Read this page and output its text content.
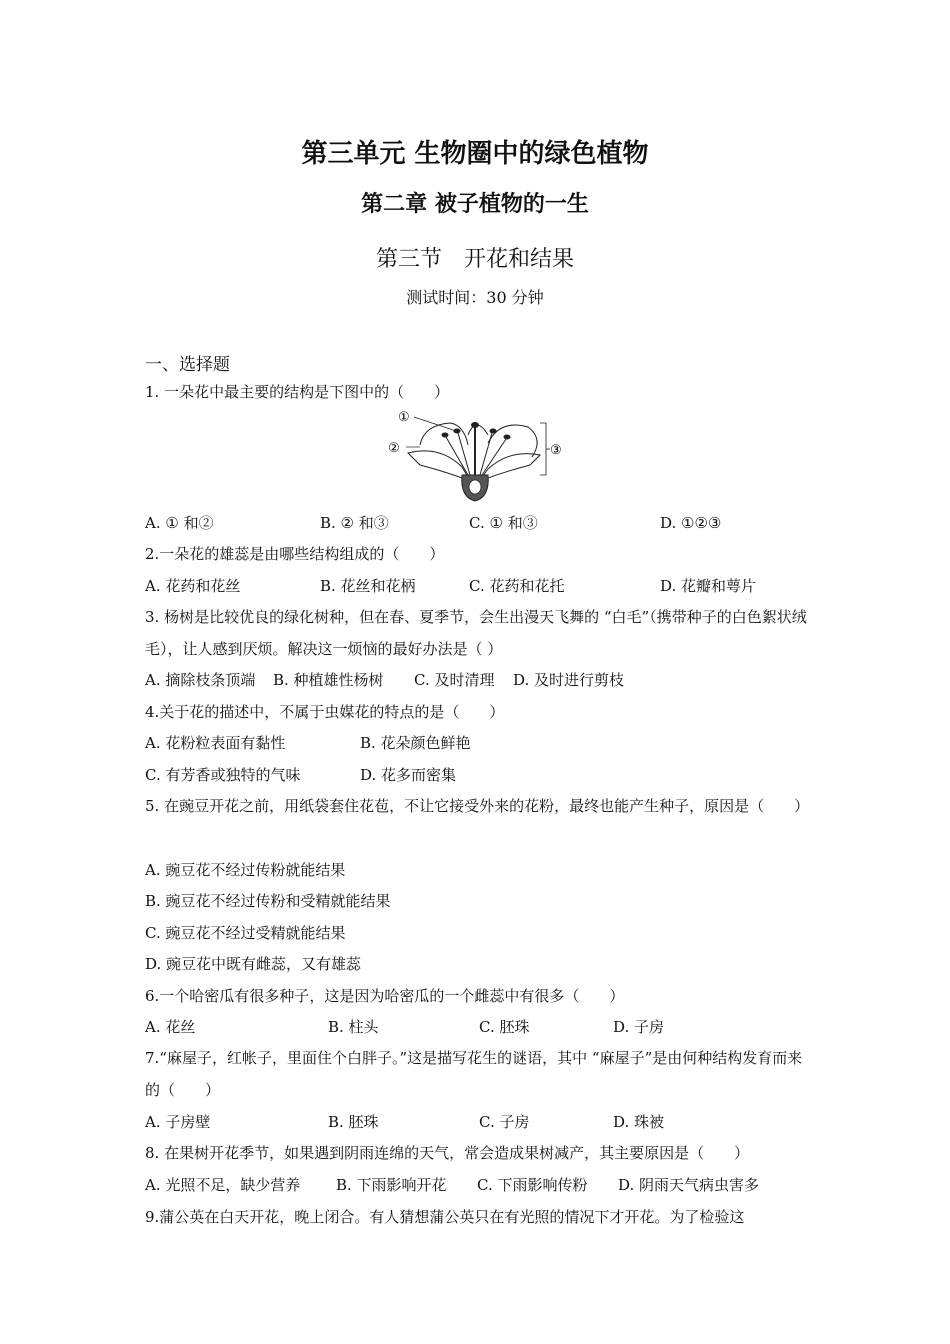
第三单元 生物圈中的绿色植物
第二章 被子植物的一生
第三节　开花和结果
测试时间：30 分钟
一、选择题
1. 一朵花中最主要的结构是下图中的（　　）
①
②	③
A. ① 和②	B. ② 和③	C. ① 和③	D. ①②③
2.一朵花的雄蕊是由哪些结构组成的（　　）
A. 花药和花丝	B. 花丝和花柄	C. 花药和花托	D. 花瓣和萼片
3. 杨树是比较优良的绿化树种，但在春、夏季节，会生出漫天飞舞的 “白毛”（携带种子的白色絮状绒毛），让人感到厌烦。解决这一烦恼的最好办法是（ ）
A. 摘除枝条顶端 B. 种植雄性杨树 C. 及时清理 D. 及时进行剪枝
4.关于花的描述中，不属于虫媒花的特点的是（　　）
A. 花粉粒表面有黏性	B. 花朵颜色鲜艳
C. 有芳香或独特的气味	D. 花多而密集
5. 在豌豆开花之前，用纸袋套住花苞，不让它接受外来的花粉，最终也能产生种子，原因是（　　）
A. 豌豆花不经过传粉就能结果
B. 豌豆花不经过传粉和受精就能结果
C. 豌豆花不经过受精就能结果
D. 豌豆花中既有雌蕊，又有雄蕊
6.一个哈密瓜有很多种子，这是因为哈密瓜的一个雌蕊中有很多（　　）
A. 花丝	B. 柱头	C. 胚珠	D. 子房
7.“麻屋子，红帐子，里面住个白胖子。”这是描写花生的谜语，其中 “麻屋子”是由何种结构发育而来的（　　）
A. 子房壁	B. 胚珠	C. 子房	D. 珠被
8. 在果树开花季节，如果遇到阴雨连绵的天气，常会造成果树减产，其主要原因是（　　）
A. 光照不足，缺少营养 B. 下雨影响开花 C. 下雨影响传粉 D. 阴雨天气病虫害多
9.蒲公英在白天开花，晚上闭合。有人猜想蒲公英只在有光照的情况下才开花。为了检验这
